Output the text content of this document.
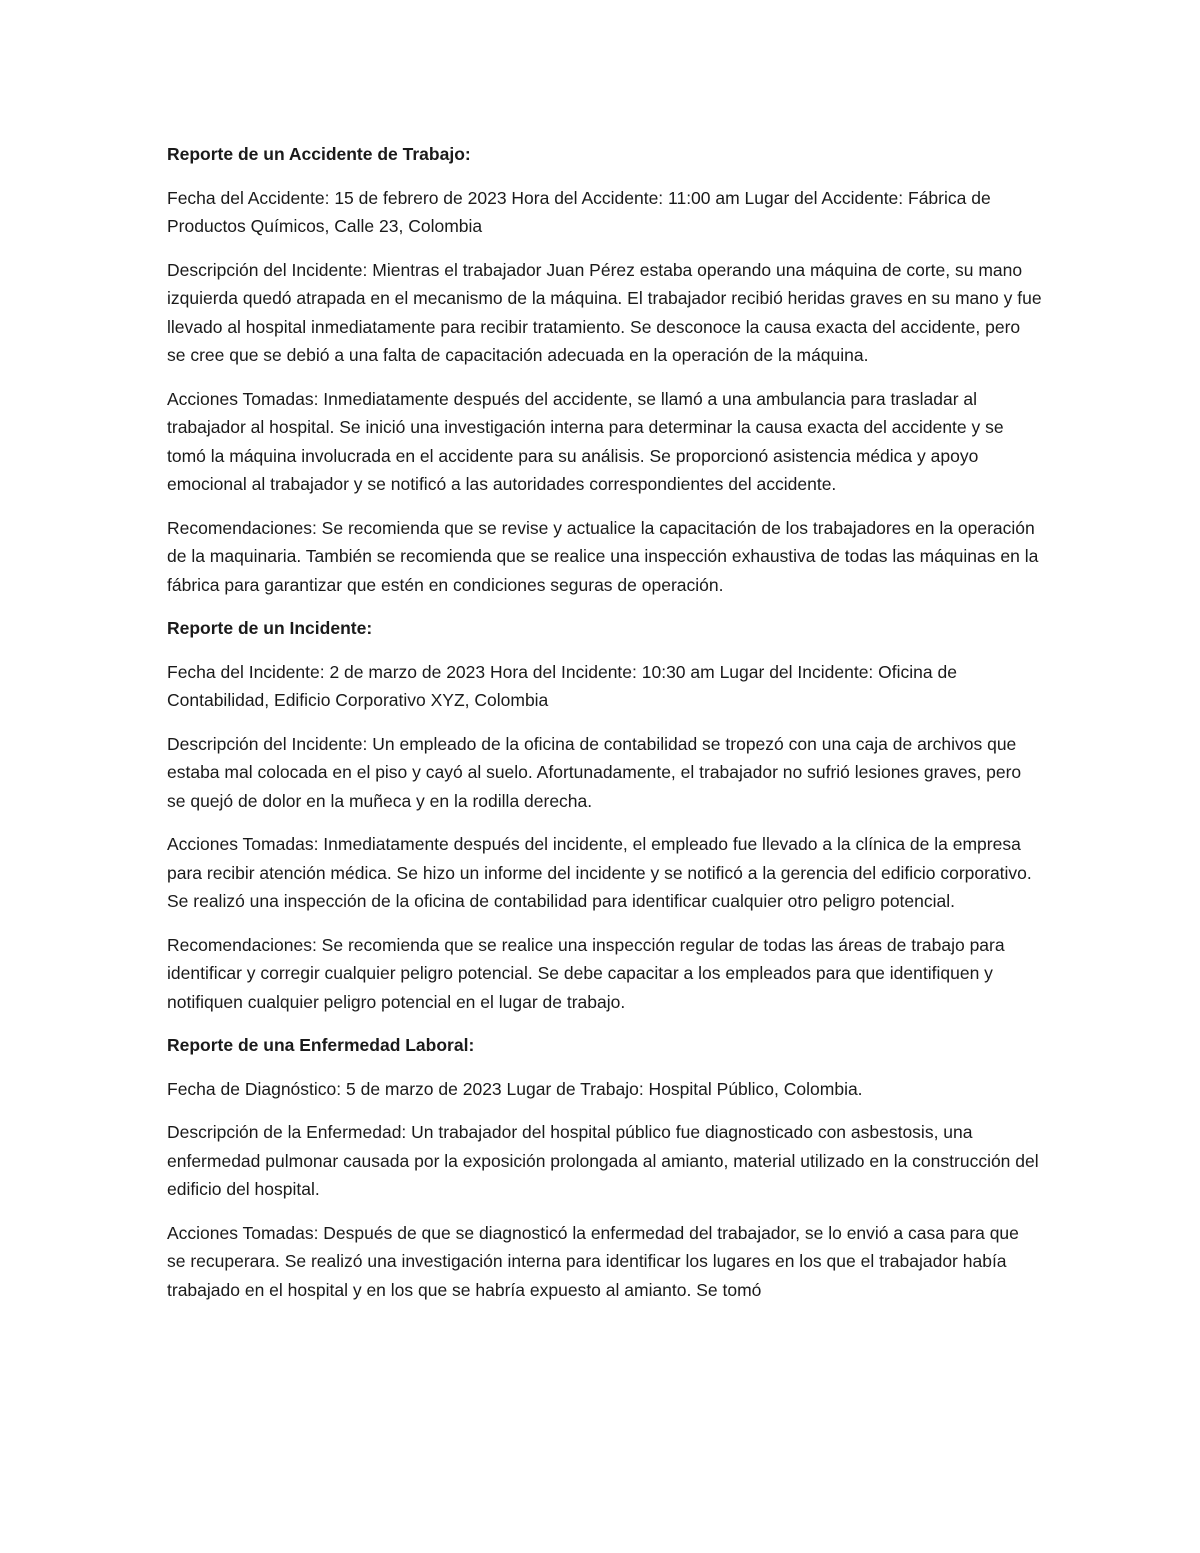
Reporte de un Accidente de Trabajo:

Fecha del Accidente: 15 de febrero de 2023 Hora del Accidente: 11:00 am Lugar del Accidente: Fábrica de Productos Químicos, Calle 23, Colombia

Descripción del Incidente: Mientras el trabajador Juan Pérez estaba operando una máquina de corte, su mano izquierda quedó atrapada en el mecanismo de la máquina. El trabajador recibió heridas graves en su mano y fue llevado al hospital inmediatamente para recibir tratamiento. Se desconoce la causa exacta del accidente, pero se cree que se debió a una falta de capacitación adecuada en la operación de la máquina.

Acciones Tomadas: Inmediatamente después del accidente, se llamó a una ambulancia para trasladar al trabajador al hospital. Se inició una investigación interna para determinar la causa exacta del accidente y se tomó la máquina involucrada en el accidente para su análisis. Se proporcionó asistencia médica y apoyo emocional al trabajador y se notificó a las autoridades correspondientes del accidente.

Recomendaciones: Se recomienda que se revise y actualice la capacitación de los trabajadores en la operación de la maquinaria. También se recomienda que se realice una inspección exhaustiva de todas las máquinas en la fábrica para garantizar que estén en condiciones seguras de operación.

Reporte de un Incidente:

Fecha del Incidente: 2 de marzo de 2023 Hora del Incidente: 10:30 am Lugar del Incidente: Oficina de Contabilidad, Edificio Corporativo XYZ, Colombia

Descripción del Incidente: Un empleado de la oficina de contabilidad se tropezó con una caja de archivos que estaba mal colocada en el piso y cayó al suelo. Afortunadamente, el trabajador no sufrió lesiones graves, pero se quejó de dolor en la muñeca y en la rodilla derecha.

Acciones Tomadas: Inmediatamente después del incidente, el empleado fue llevado a la clínica de la empresa para recibir atención médica. Se hizo un informe del incidente y se notificó a la gerencia del edificio corporativo. Se realizó una inspección de la oficina de contabilidad para identificar cualquier otro peligro potencial.

Recomendaciones: Se recomienda que se realice una inspección regular de todas las áreas de trabajo para identificar y corregir cualquier peligro potencial. Se debe capacitar a los empleados para que identifiquen y notifiquen cualquier peligro potencial en el lugar de trabajo.

Reporte de una Enfermedad Laboral:

Fecha de Diagnóstico: 5 de marzo de 2023 Lugar de Trabajo: Hospital Público, Colombia.

Descripción de la Enfermedad: Un trabajador del hospital público fue diagnosticado con asbestosis, una enfermedad pulmonar causada por la exposición prolongada al amianto, material utilizado en la construcción del edificio del hospital.

Acciones Tomadas: Después de que se diagnosticó la enfermedad del trabajador, se lo envió a casa para que se recuperara. Se realizó una investigación interna para identificar los lugares en los que el trabajador había trabajado en el hospital y en los que se habría expuesto al amianto. Se tomó
